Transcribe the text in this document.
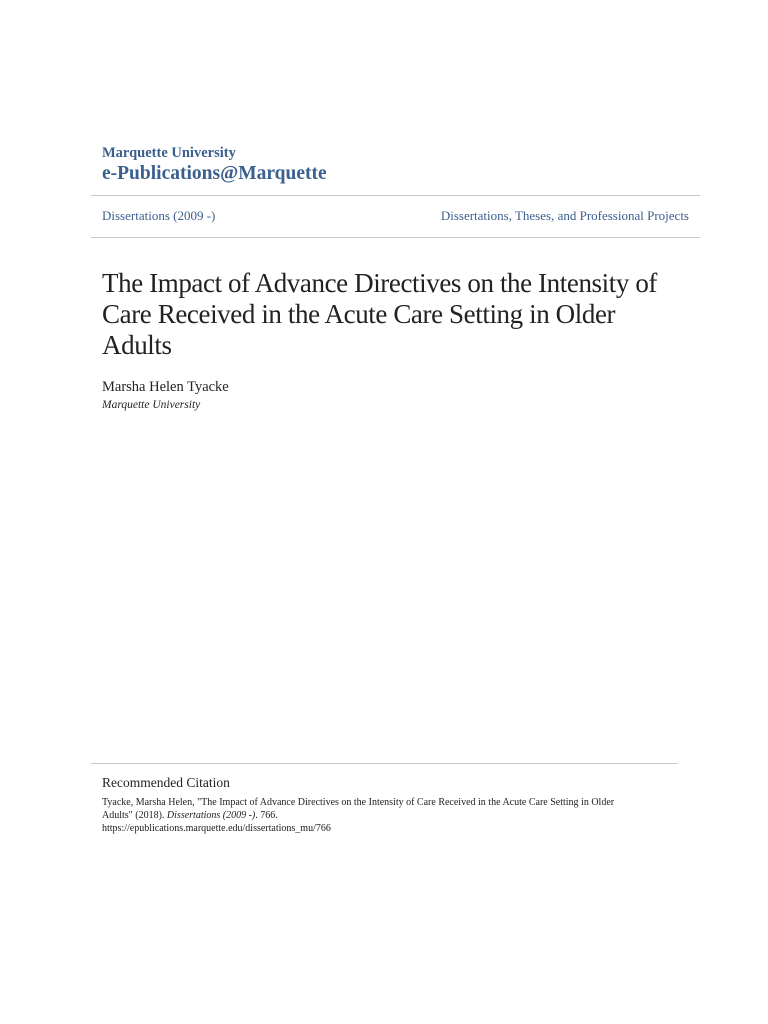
Marquette University

e-Publications@Marquette

Dissertations (2009 -)	Dissertations, Theses, and Professional Projects
The Impact of Advance Directives on the Intensity of Care Received in the Acute Care Setting in Older Adults
Marsha Helen Tyacke
Marquette University
Recommended Citation
Tyacke, Marsha Helen, "The Impact of Advance Directives on the Intensity of Care Received in the Acute Care Setting in Older
Adults" (2018). Dissertations (2009 -). 766.
https://epublications.marquette.edu/dissertations_mu/766
